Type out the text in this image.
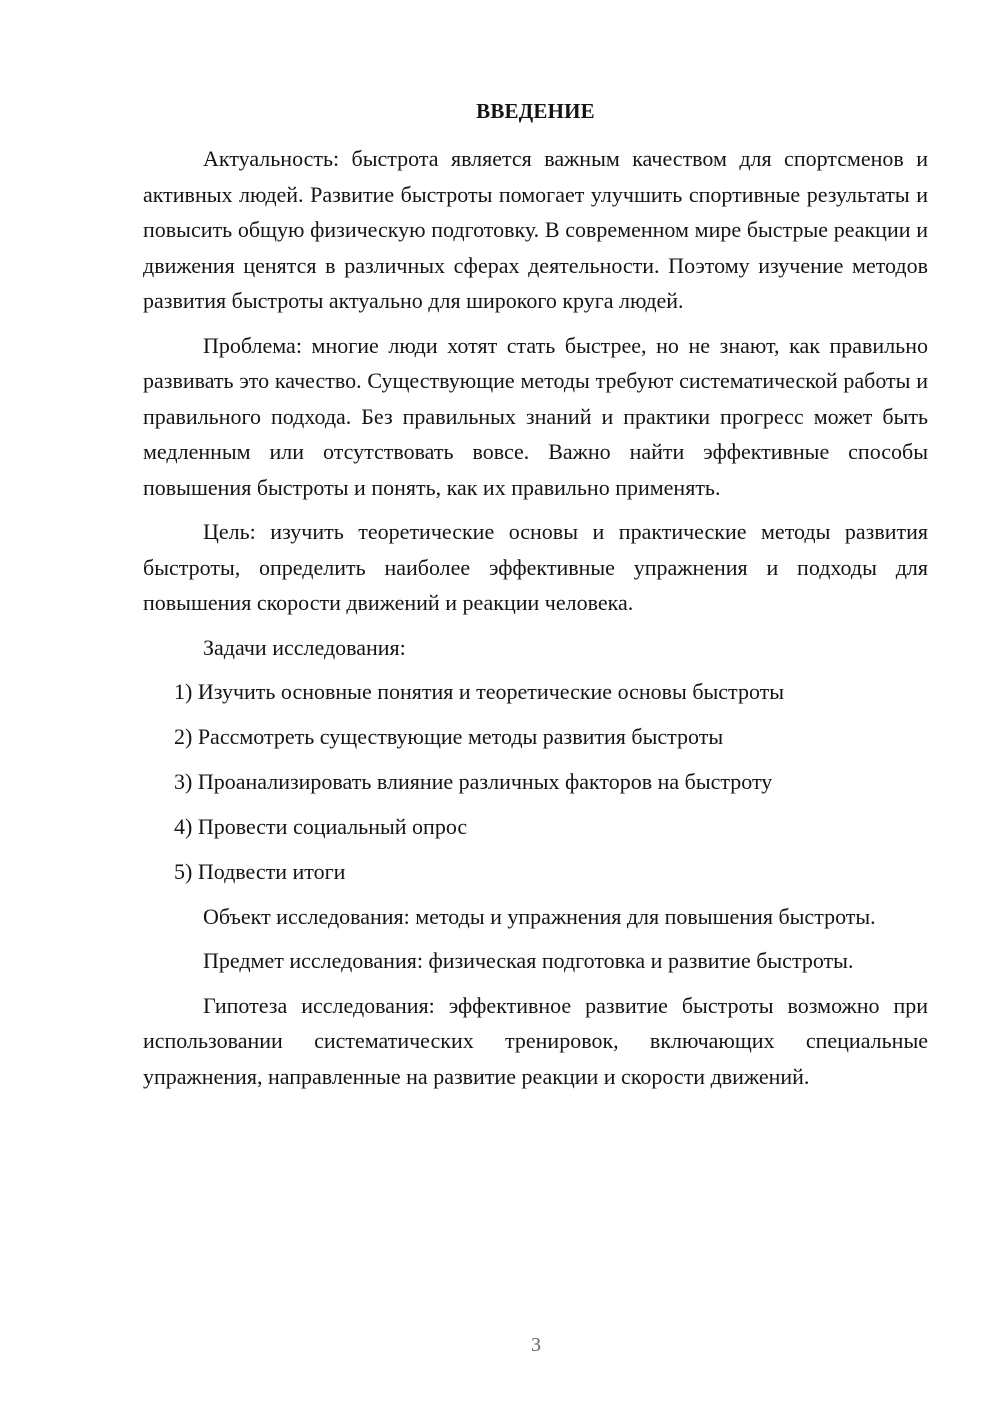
ВВЕДЕНИЕ

Актуальность: быстрота является важным качеством для спортсменов и активных людей. Развитие быстроты помогает улучшить спортивные результаты и повысить общую физическую подготовку. В современном мире быстрые реакции и движения ценятся в различных сферах деятельности. Поэтому изучение методов развития быстроты актуально для широкого круга людей.

Проблема: многие люди хотят стать быстрее, но не знают, как правильно развивать это качество. Существующие методы требуют систематической работы и правильного подхода. Без правильных знаний и практики прогресс может быть медленным или отсутствовать вовсе. Важно найти эффективные способы повышения быстроты и понять, как их правильно применять.

Цель: изучить теоретические основы и практические методы развития быстроты, определить наиболее эффективные упражнения и подходы для повышения скорости движений и реакции человека.

Задачи исследования:

1) Изучить основные понятия и теоретические основы быстроты

2) Рассмотреть существующие методы развития быстроты

3) Проанализировать влияние различных факторов на быстроту

4) Провести социальный опрос

5) Подвести итоги

Объект исследования: методы и упражнения для повышения быстроты.

Предмет исследования: физическая подготовка и развитие быстроты.

Гипотеза исследования: эффективное развитие быстроты возможно при использовании систематических тренировок, включающих специальные упражнения, направленные на развитие реакции и скорости движений.

3
